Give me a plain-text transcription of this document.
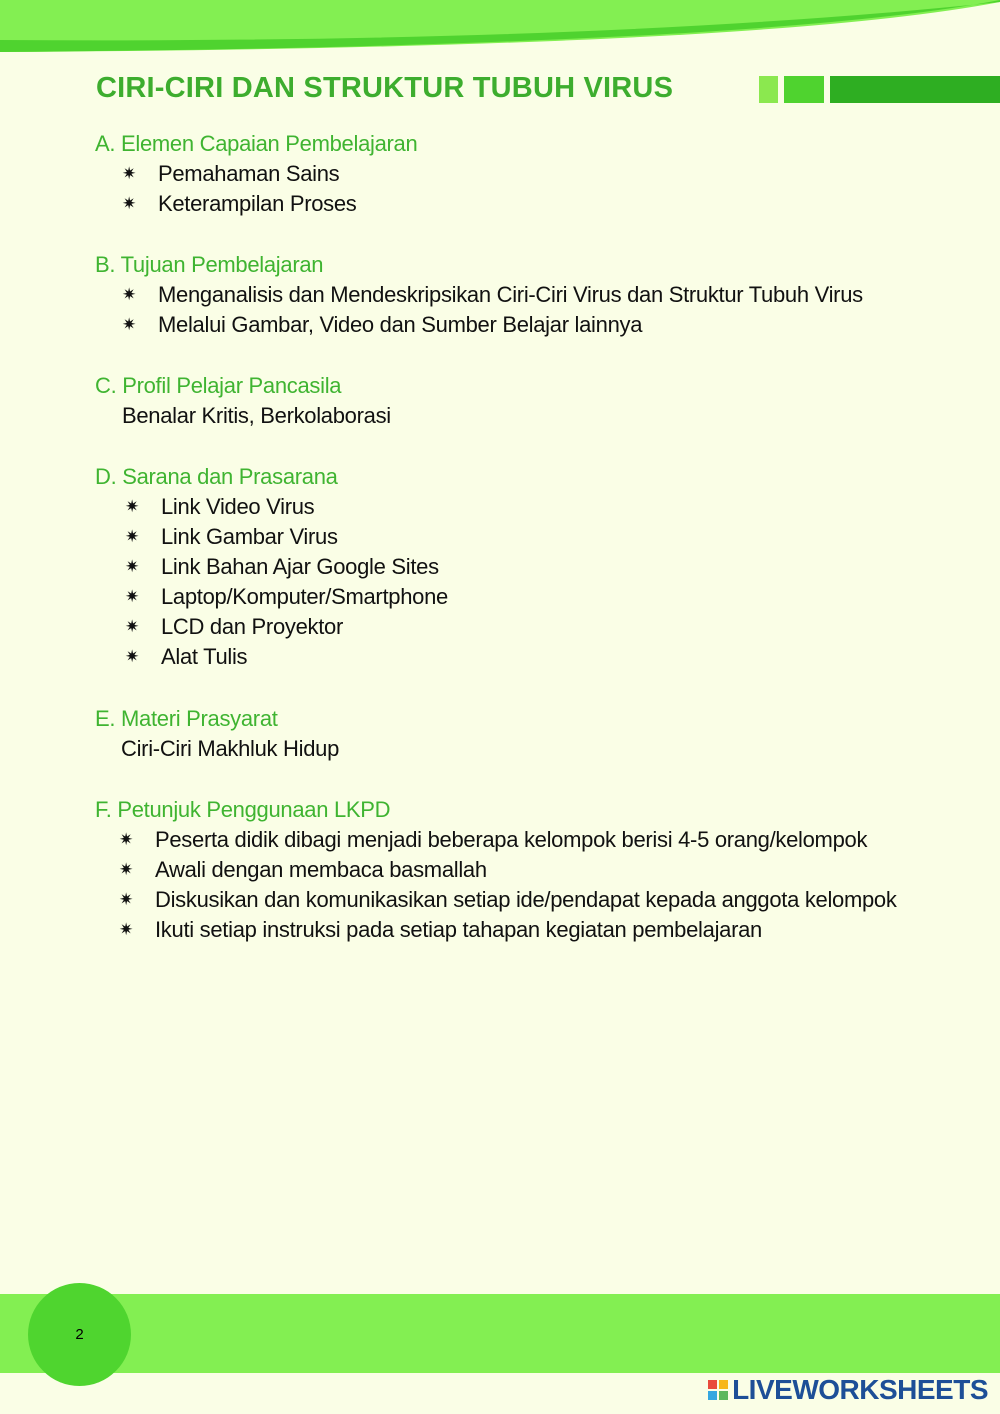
CIRI-CIRI DAN STRUKTUR TUBUH VIRUS
A. Elemen Capaian Pembelajaran
✷	Pemahaman Sains
✷	Keterampilan Proses
B. Tujuan Pembelajaran
✷	Menganalisis dan Mendeskripsikan Ciri-Ciri Virus dan Struktur Tubuh Virus
✷	Melalui Gambar, Video dan Sumber Belajar lainnya
C. Profil Pelajar Pancasila
Benalar Kritis, Berkolaborasi
D. Sarana dan Prasarana
✷	Link Video Virus
✷	Link Gambar Virus
✷	Link Bahan Ajar Google Sites
✷	Laptop/Komputer/Smartphone
✷	LCD dan Proyektor
✷	Alat Tulis
E. Materi Prasyarat
Ciri-Ciri Makhluk Hidup
F. Petunjuk Penggunaan LKPD
✷	Peserta didik dibagi menjadi beberapa kelompok berisi 4-5 orang/kelompok
✷	Awali dengan membaca basmallah
✷	Diskusikan dan komunikasikan setiap ide/pendapat kepada anggota kelompok
✷	Ikuti setiap instruksi pada setiap tahapan kegiatan pembelajaran
2
LIVEWORKSHEETS
